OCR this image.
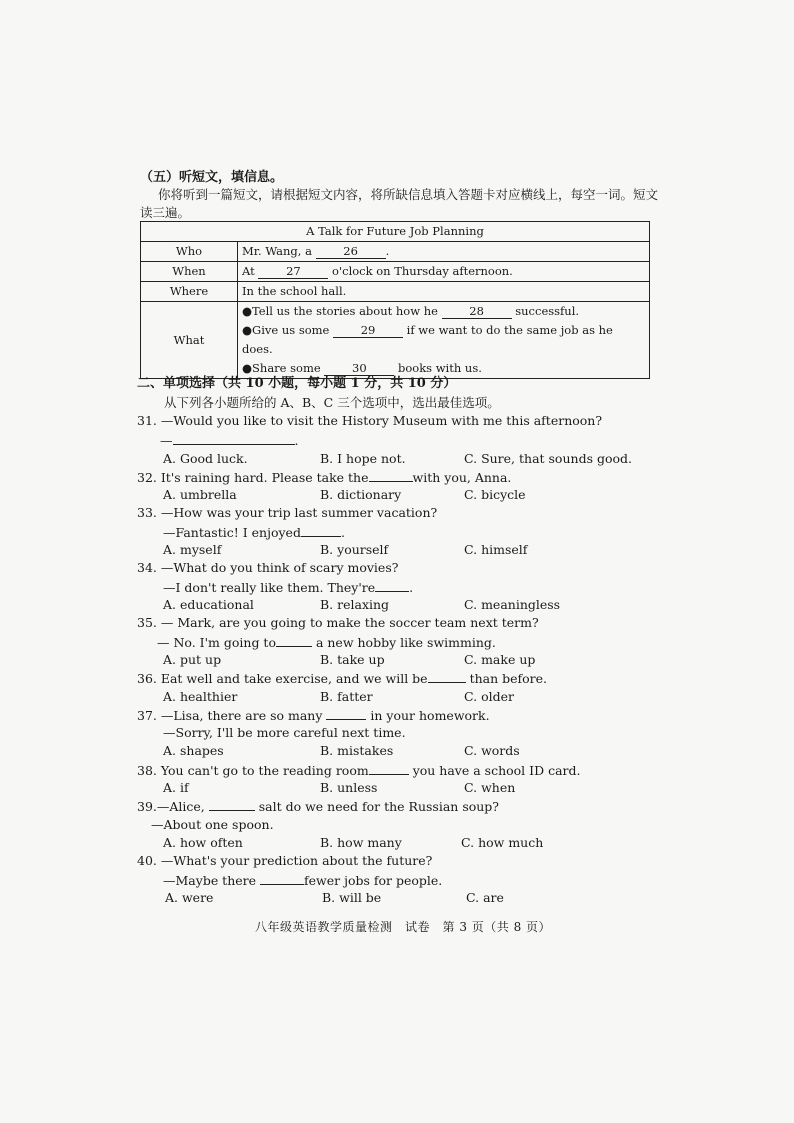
（五）听短文，填信息。
你将听到一篇短文，请根据短文内容，将所缺信息填入答题卡对应横线上，每空一词。短文
读三遍。
A Talk for Future Job Planning	
Who	Mr. Wang, a 26 .
When	At 27 o'clock on Thursday afternoon.
Where	In the school hall.
What	●Tell us the stories about how he 28 successful.
●Give us some 29 if we want to do the same job as he does.
●Share some 30 books with us.
二、单项选择（共 10 小题，每小题 1 分，共 10 分）
从下列各小题所给的 A、B、C 三个选项中，选出最佳选项。
31. —Would you like to visit the History Museum with me this afternoon?
—	.
A. Good luck.	B. I hope not.	C. Sure, that sounds good.
32. It's raining hard. Please take the	with you, Anna.
A. umbrella	B. dictionary	C. bicycle
33. —How was your trip last summer vacation?
—Fantastic! I enjoyed	.
A. myself	B. yourself	C. himself
34. —What do you think of scary movies?
—I don't really like them. They're	.
A. educational	B. relaxing	C. meaningless
35. — Mark, are you going to make the soccer team next term?
— No. I'm going to	a new hobby like swimming.
A. put up	B. take up	C. make up
36. Eat well and take exercise, and we will be	than before.
A. healthier	B. fatter	C. older
37. —Lisa, there are so many	in your homework.
—Sorry, I'll be more careful next time.
A. shapes	B. mistakes	C. words
38. You can't go to the reading room	you have a school ID card.
A. if	B. unless	C. when
39.—Alice,	salt do we need for the Russian soup?
—About one spoon.
A. how often	B. how many	C. how much
40. —What's your prediction about the future?
—Maybe there	fewer jobs for people.
A. were	B. will be	C. are
八年级英语教学质量检测　试卷　第 3 页（共 8 页）
